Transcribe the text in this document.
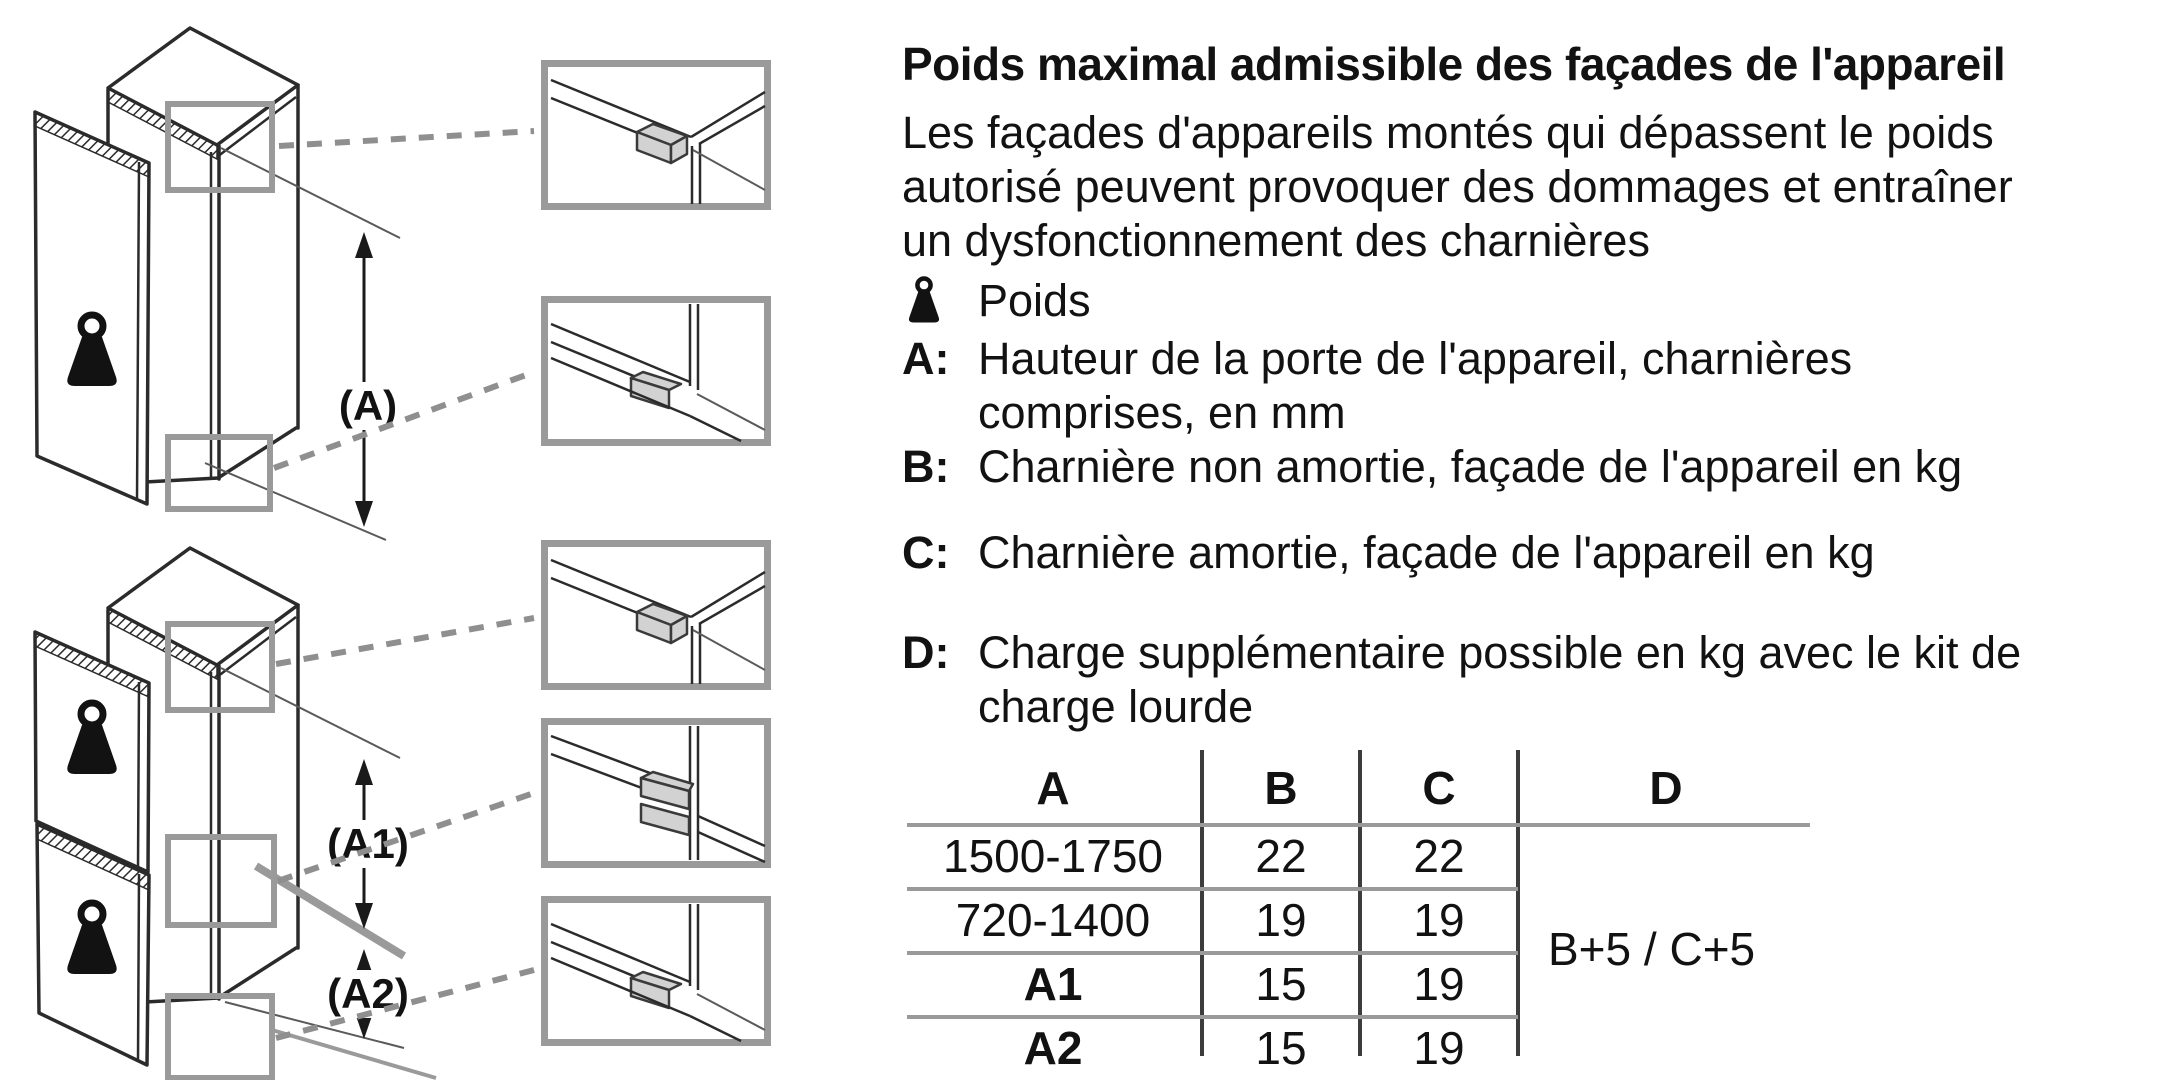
(A)
(A1)
(A2)
Poids maximal admissible des façades de l'appareil
Les façades d'appareils montés qui dépassent le poids
autorisé peuvent provoquer des dommages et entraîner
un dysfonctionnement des charnières
Poids
A: Hauteur de la porte de l'appareil, charnières
comprises, en mm
B: Charnière non amortie, façade de l'appareil en kg
C: Charnière amortie, façade de l'appareil en kg
D: Charge supplémentaire possible en kg avec le kit de
charge lourde
A	B	C	D
1500-1750 22 22
720-1400 19 19
A1	15 19
A2	15 19
B+5 / C+5
